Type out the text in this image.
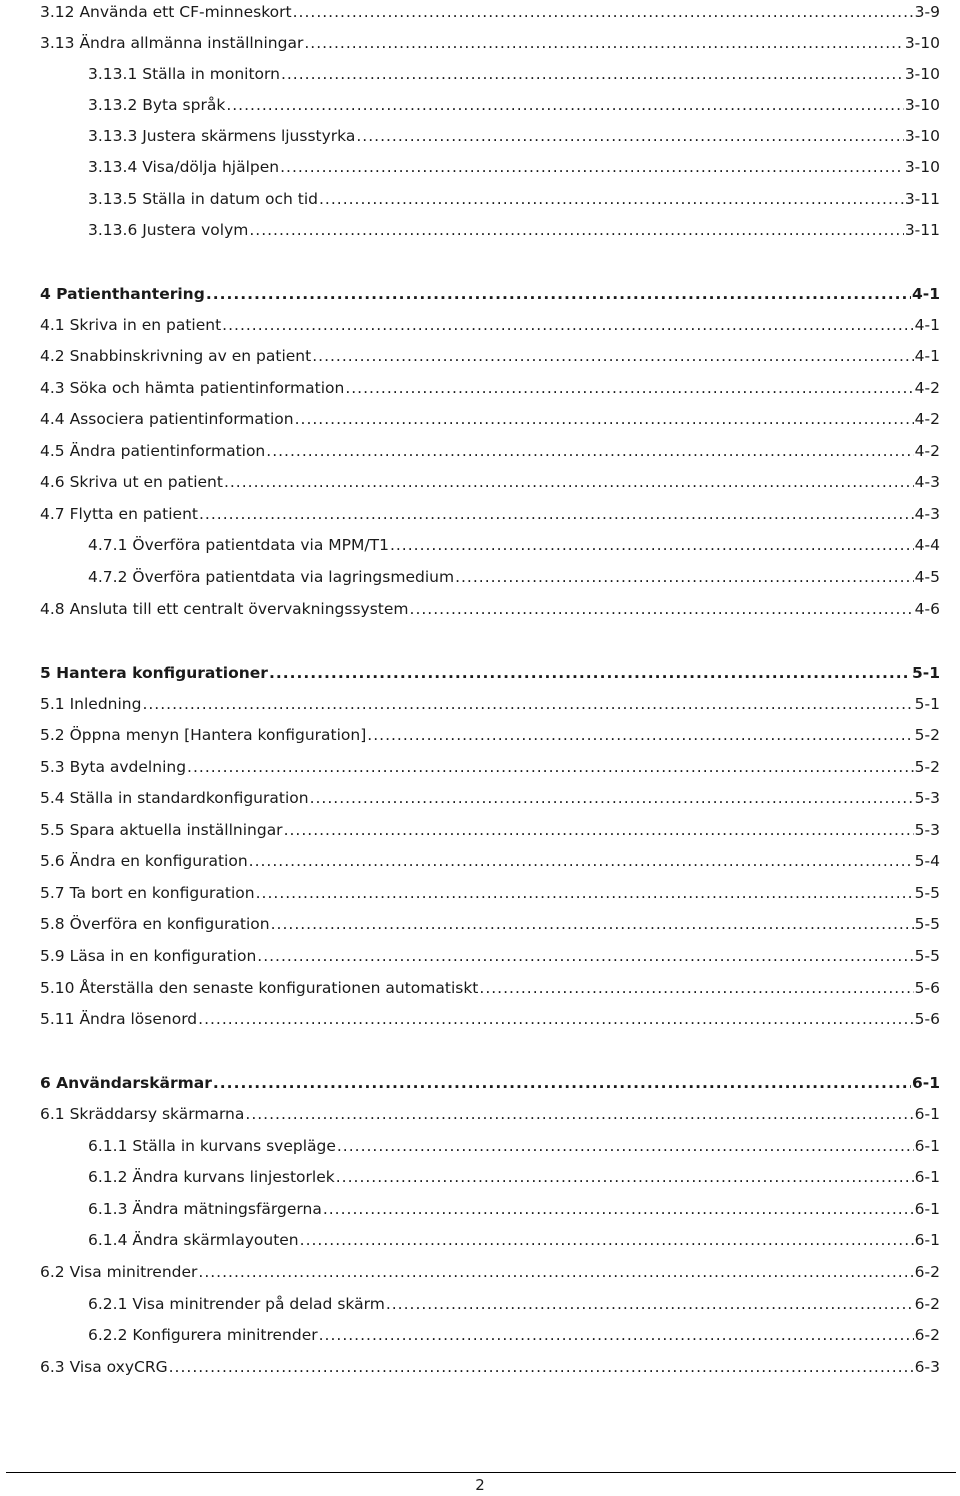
3.12 Använda ett CF-minneskort .....	3-9
3.13 Ändra allmänna inställningar .....	3-10
3.13.1 Ställa in monitorn .....	3-10
3.13.2 Byta språk .....	3-10
3.13.3 Justera skärmens ljusstyrka .....	3-10
3.13.4 Visa/dölja hjälpen .....	3-10
3.13.5 Ställa in datum och tid .....	3-11
3.13.6 Justera volym .....	3-11
4 Patienthantering .....	4-1
4.1 Skriva in en patient .....	4-1
4.2 Snabbinskrivning av en patient .....	4-1
4.3 Söka och hämta patientinformation .....	4-2
4.4 Associera patientinformation .....	4-2
4.5 Ändra patientinformation .....	4-2
4.6 Skriva ut en patient .....	4-3
4.7 Flytta en patient .....	4-3
4.7.1 Överföra patientdata via MPM/T1 .....	4-4
4.7.2 Överföra patientdata via lagringsmedium .....	4-5
4.8 Ansluta till ett centralt övervakningssystem .....	4-6
5 Hantera konfigurationer .....	5-1
5.1 Inledning .....	5-1
5.2 Öppna menyn [Hantera konfiguration] .....	5-2
5.3 Byta avdelning .....	5-2
5.4 Ställa in standardkonfiguration .....	5-3
5.5 Spara aktuella inställningar .....	5-3
5.6 Ändra en konfiguration .....	5-4
5.7 Ta bort en konfiguration .....	5-5
5.8 Överföra en konfiguration .....	5-5
5.9 Läsa in en konfiguration .....	5-5
5.10 Återställa den senaste konfigurationen automatiskt .....	5-6
5.11 Ändra lösenord .....	5-6
6 Användarskärmar .....	6-1
6.1 Skräddarsy skärmarna .....	6-1
6.1.1 Ställa in kurvans svepläge .....	6-1
6.1.2 Ändra kurvans linjestorlek .....	6-1
6.1.3 Ändra mätningsfärgerna .....	6-1
6.1.4 Ändra skärmlayouten .....	6-1
6.2 Visa minitrender .....	6-2
6.2.1 Visa minitrender på delad skärm .....	6-2
6.2.2 Konfigurera minitrender .....	6-2
6.3 Visa oxyCRG .....	6-3
2
